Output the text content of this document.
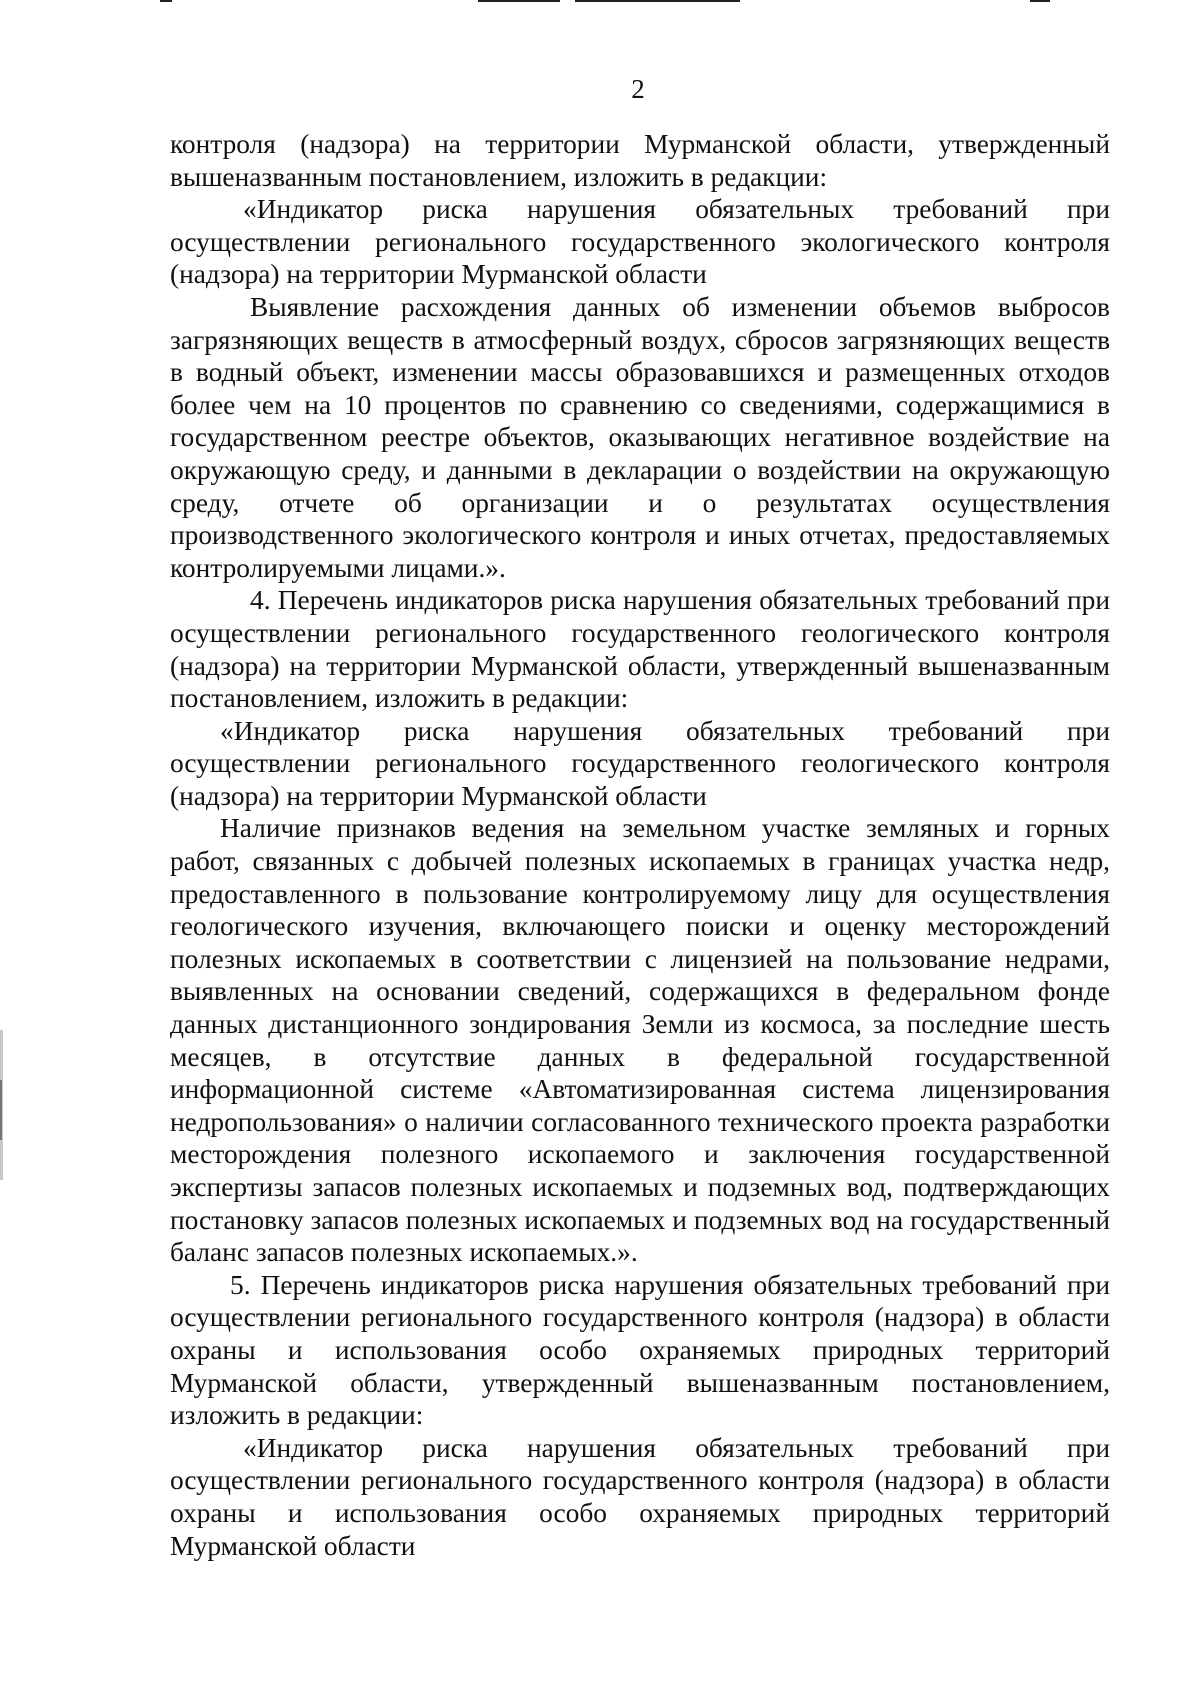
2

контроля (надзора) на территории Мурманской области, утвержденный вышеназванным постановлением, изложить в редакции:

«Индикатор риска нарушения обязательных требований при осуществлении регионального государственного экологического контроля (надзора) на территории Мурманской области

Выявление расхождения данных об изменении объемов выбросов загрязняющих веществ в атмосферный воздух, сбросов загрязняющих веществ в водный объект, изменении массы образовавшихся и размещенных отходов более чем на 10 процентов по сравнению со сведениями, содержащимися в государственном реестре объектов, оказывающих негативное воздействие на окружающую среду, и данными в декларации о воздействии на окружающую среду, отчете об организации и о результатах осуществления производственного экологического контроля и иных отчетах, предоставляемых контролируемыми лицами.».

4. Перечень индикаторов риска нарушения обязательных требований при осуществлении регионального государственного геологического контроля (надзора) на территории Мурманской области, утвержденный вышеназванным постановлением, изложить в редакции:

«Индикатор риска нарушения обязательных требований при осуществлении регионального государственного геологического контроля (надзора) на территории Мурманской области

Наличие признаков ведения на земельном участке земляных и горных работ, связанных с добычей полезных ископаемых в границах участка недр, предоставленного в пользование контролируемому лицу для осуществления геологического изучения, включающего поиски и оценку месторождений полезных ископаемых в соответствии с лицензией на пользование недрами, выявленных на основании сведений, содержащихся в федеральном фонде данных дистанционного зондирования Земли из космоса, за последние шесть месяцев, в отсутствие данных в федеральной государственной информационной системе «Автоматизированная система лицензирования недропользования» о наличии согласованного технического проекта разработки месторождения полезного ископаемого и заключения государственной экспертизы запасов полезных ископаемых и подземных вод, подтверждающих постановку запасов полезных ископаемых и подземных вод на государственный баланс запасов полезных ископаемых.».

5. Перечень индикаторов риска нарушения обязательных требований при осуществлении регионального государственного контроля (надзора) в области охраны и использования особо охраняемых природных территорий Мурманской области, утвержденный вышеназванным постановлением, изложить в редакции:

«Индикатор риска нарушения обязательных требований при осуществлении регионального государственного контроля (надзора) в области охраны и использования особо охраняемых природных территорий Мурманской области
